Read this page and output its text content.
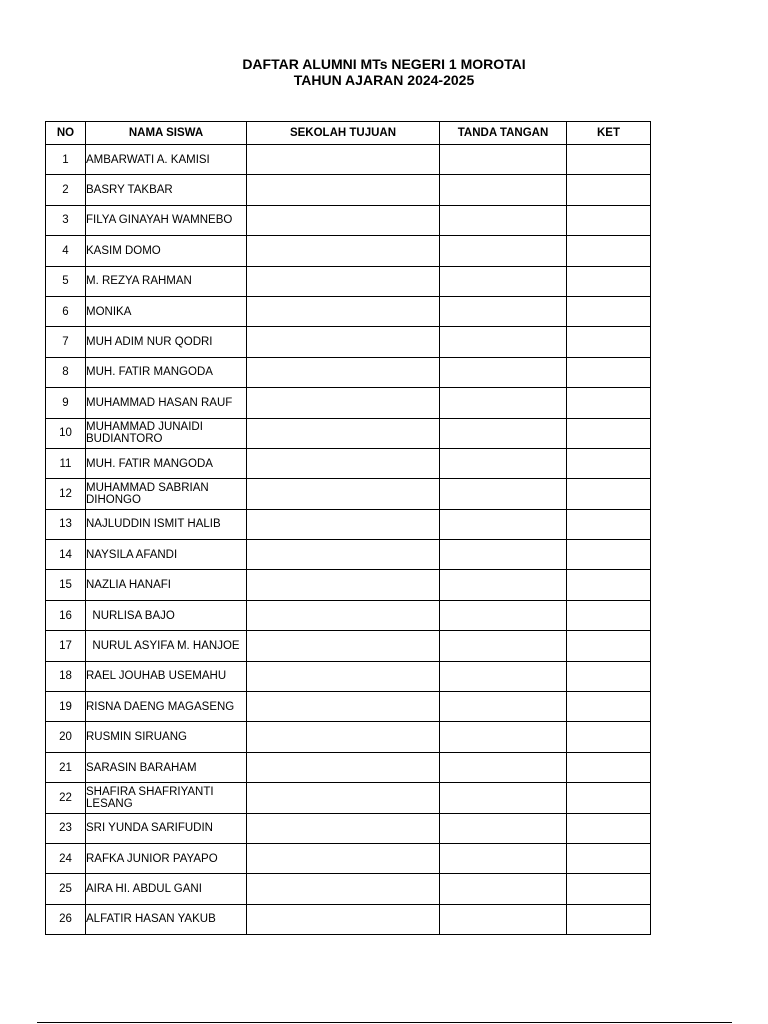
DAFTAR ALUMNI MTs NEGERI 1 MOROTAI
TAHUN AJARAN 2024-2025
NO	NAMA SISWA	SEKOLAH TUJUAN	TANDA TANGAN	KET
1	AMBARWATI A. KAMISI			
2	BASRY TAKBAR			
3	FILYA GINAYAH WAMNEBO			
4	KASIM DOMO			
5	M. REZYA RAHMAN			
6	MONIKA			
7	MUH ADIM NUR QODRI			
8	MUH. FATIR MANGODA			
9	MUHAMMAD HASAN RAUF			
10	MUHAMMAD JUNAIDI BUDIANTORO			
11	MUH. FATIR MANGODA			
12	MUHAMMAD SABRIAN DIHONGO			
13	NAJLUDDIN ISMIT HALIB			
14	NAYSILA AFANDI			
15	NAZLIA HANAFI			
16	NURLISA BAJO			
17	NURUL ASYIFA M. HANJOE			
18	RAEL JOUHAB USEMAHU			
19	RISNA DAENG MAGASENG			
20	RUSMIN SIRUANG			
21	SARASIN BARAHAM			
22	SHAFIRA SHAFRIYANTI LESANG			
23	SRI YUNDA SARIFUDIN			
24	RAFKA JUNIOR PAYAPO			
25	AIRA HI. ABDUL GANI			
26	ALFATIR HASAN YAKUB			
